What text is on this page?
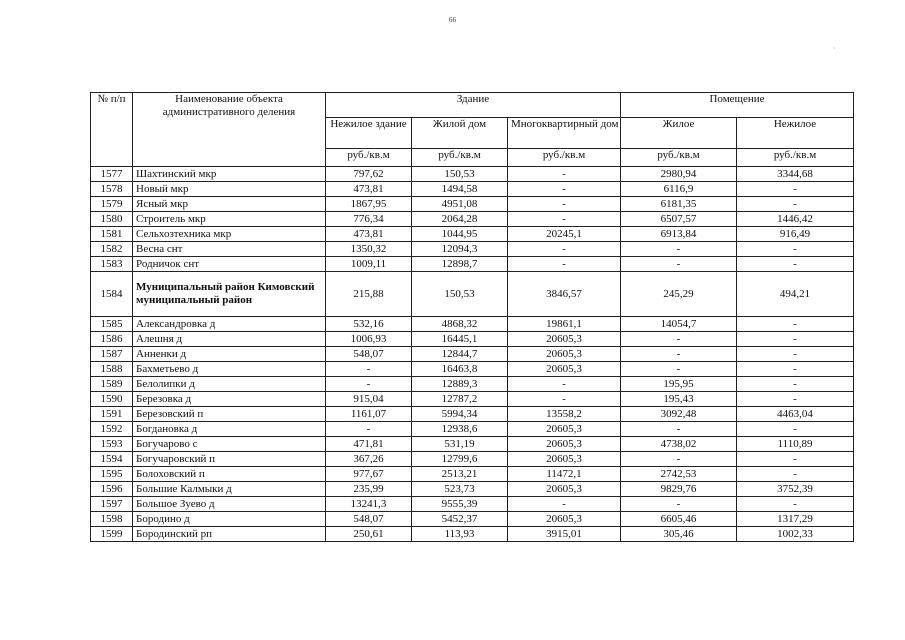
66
·
№ п/п	Наименование объекта административного деления	Здание			Помещение	
		Нежилое здание	Жилой дом	Многоквартирный дом	Жилое	Нежилое
		руб./кв.м	руб./кв.м	руб./кв.м	руб./кв.м	руб./кв.м
1577	Шахтинский мкр	797,62	150,53	-	2980,94	3344,68
1578	Новый мкр	473,81	1494,58	-	6116,9	-
1579	Ясный мкр	1867,95	4951,08	-	6181,35	-
1580	Строитель мкр	776,34	2064,28	-	6507,57	1446,42
1581	Сельхозтехника мкр	473,81	1044,95	20245,1	6913,84	916,49
1582	Весна снт	1350,32	12094,3	-	-	-
1583	Родничок снт	1009,11	12898,7	-	-	-
1584	Муниципальный район Кимовский муниципальный район	215,88	150,53	3846,57	245,29	494,21
1585	Александровка д	532,16	4868,32	19861,1	14054,7	-
1586	Алешня д	1006,93	16445,1	20605,3	-	-
1587	Анненки д	548,07	12844,7	20605,3	-	-
1588	Бахметьево д	-	16463,8	20605,3	-	-
1589	Белолипки д	-	12889,3	-	195,95	-
1590	Березовка д	915,04	12787,2	-	195,43	-
1591	Березовский п	1161,07	5994,34	13558,2	3092,48	4463,04
1592	Богдановка д	-	12938,6	20605,3	-	-
1593	Богучарово с	471,81	531,19	20605,3	4738,02	1110,89
1594	Богучаровский п	367,26	12799,6	20605,3	-	-
1595	Болоховский п	977,67	2513,21	11472,1	2742,53	-
1596	Большие Калмыки д	235,99	523,73	20605,3	9829,76	3752,39
1597	Большое Зуево д	13241,3	9555,39	-	-	-
1598	Бородино д	548,07	5452,37	20605,3	6605,46	1317,29
1599	Бородинский рп	250,61	113,93	3915,01	305,46	1002,33
